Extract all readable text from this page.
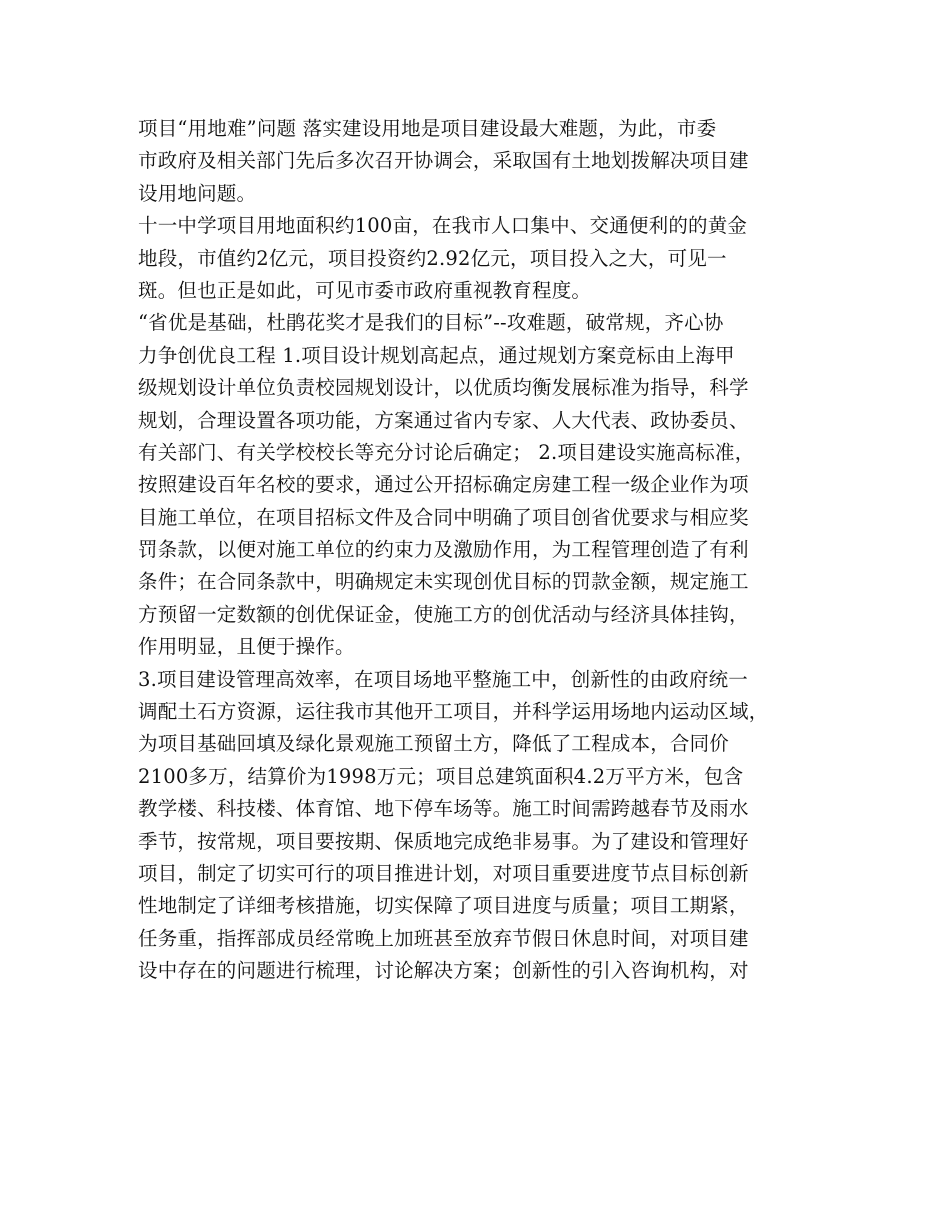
项目“用地难”问题 落实建设用地是项目建设最大难题，为此，市委
市政府及相关部门先后多次召开协调会，采取国有土地划拨解决项目建
设用地问题。
十一中学项目用地面积约100亩，在我市人口集中、交通便利的的黄金
地段，市值约2亿元，项目投资约2.92亿元，项目投入之大，可见一
斑。但也正是如此，可见市委市政府重视教育程度。
“省优是基础，杜鹃花奖才是我们的目标”--攻难题，破常规，齐心协
力争创优良工程 1.项目设计规划高起点，通过规划方案竞标由上海甲
级规划设计单位负责校园规划设计，以优质均衡发展标准为指导，科学
规划，合理设置各项功能，方案通过省内专家、人大代表、政协委员、
有关部门、有关学校校长等充分讨论后确定； 2.项目建设实施高标准，
按照建设百年名校的要求，通过公开招标确定房建工程一级企业作为项
目施工单位，在项目招标文件及合同中明确了项目创省优要求与相应奖
罚条款，以便对施工单位的约束力及激励作用，为工程管理创造了有利
条件；在合同条款中，明确规定未实现创优目标的罚款金额，规定施工
方预留一定数额的创优保证金，使施工方的创优活动与经济具体挂钩，
作用明显，且便于操作。
3.项目建设管理高效率，在项目场地平整施工中，创新性的由政府统一
调配土石方资源，运往我市其他开工项目，并科学运用场地内运动区域，
为项目基础回填及绿化景观施工预留土方，降低了工程成本，合同价
2100多万，结算价为1998万元；项目总建筑面积4.2万平方米，包含
教学楼、科技楼、体育馆、地下停车场等。施工时间需跨越春节及雨水
季节，按常规，项目要按期、保质地完成绝非易事。为了建设和管理好
项目，制定了切实可行的项目推进计划，对项目重要进度节点目标创新
性地制定了详细考核措施，切实保障了项目进度与质量；项目工期紧，
任务重，指挥部成员经常晚上加班甚至放弃节假日休息时间，对项目建
设中存在的问题进行梳理，讨论解决方案；创新性的引入咨询机构，对
